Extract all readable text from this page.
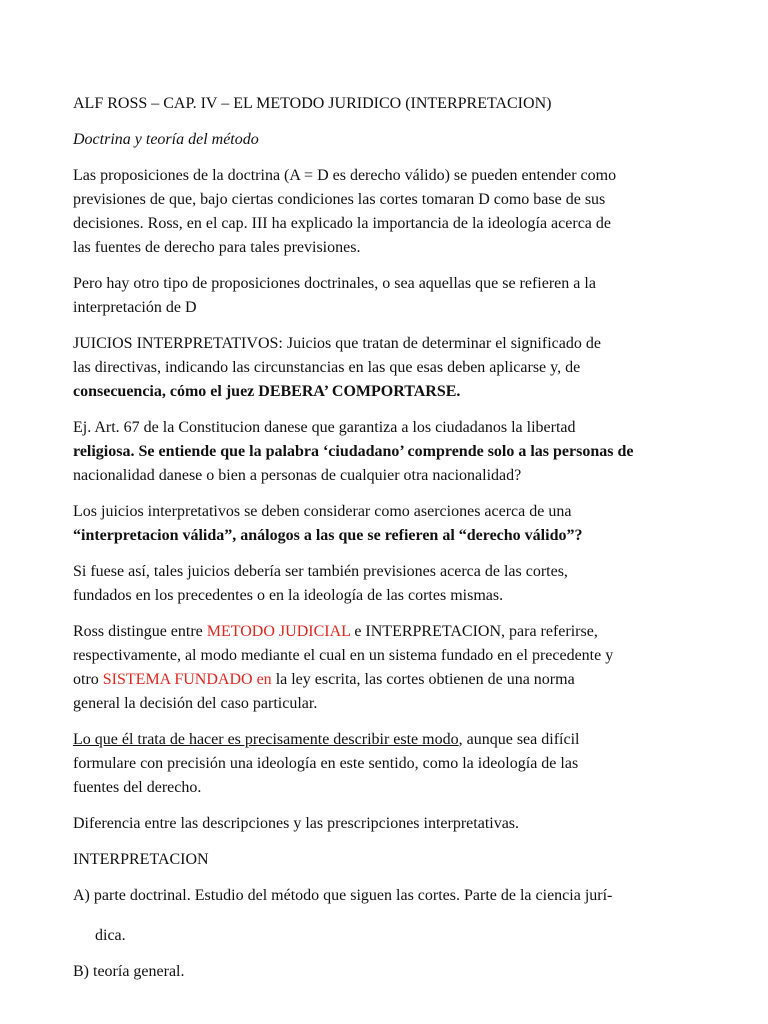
ALF ROSS – CAP. IV – EL METODO JURIDICO (INTERPRETACION)

Doctrina y teoría del método

Las proposiciones de la doctrina (A = D es derecho válido) se pueden entender como

previsiones de que, bajo ciertas condiciones las cortes tomaran D como base de sus

decisiones. Ross, en el cap. III ha explicado la importancia de la ideología acerca de

las fuentes de derecho para tales previsiones.

Pero hay otro tipo de proposiciones doctrinales, o sea aquellas que se refieren a la

interpretación de D

JUICIOS INTERPRETATIVOS: Juicios que tratan de determinar el significado de

las directivas, indicando las circunstancias en las que esas deben aplicarse y, de

consecuencia, cómo el juez DEBERA’ COMPORTARSE.

Ej. Art. 67 de la Constitucion danese que garantiza a los ciudadanos la libertad

religiosa. Se entiende que la palabra ‘ciudadano’ comprende solo a las personas de

nacionalidad danese o bien a personas de cualquier otra nacionalidad?

Los juicios interpretativos se deben considerar como aserciones acerca de una

“interpretacion válida”, análogos a las que se refieren al “derecho válido”?

Si fuese así, tales juicios debería ser también previsiones acerca de las cortes,

fundados en los precedentes o en la ideología de las cortes mismas.

Ross distingue entre METODO JUDICIAL e INTERPRETACION, para referirse,

respectivamente, al modo mediante el cual en un sistema fundado en el precedente y

otro SISTEMA FUNDADO en la ley escrita, las cortes obtienen de una norma

general la decisión del caso particular.

Lo que él trata de hacer es precisamente describir este modo, aunque sea difícil

formulare con precisión una ideología en este sentido, como la ideología de las

fuentes del derecho.

Diferencia entre las descripciones y las prescripciones interpretativas.

INTERPRETACION

A) parte doctrinal. Estudio del método que siguen las cortes. Parte de la ciencia jurí-

dica.

B) teoría general.
